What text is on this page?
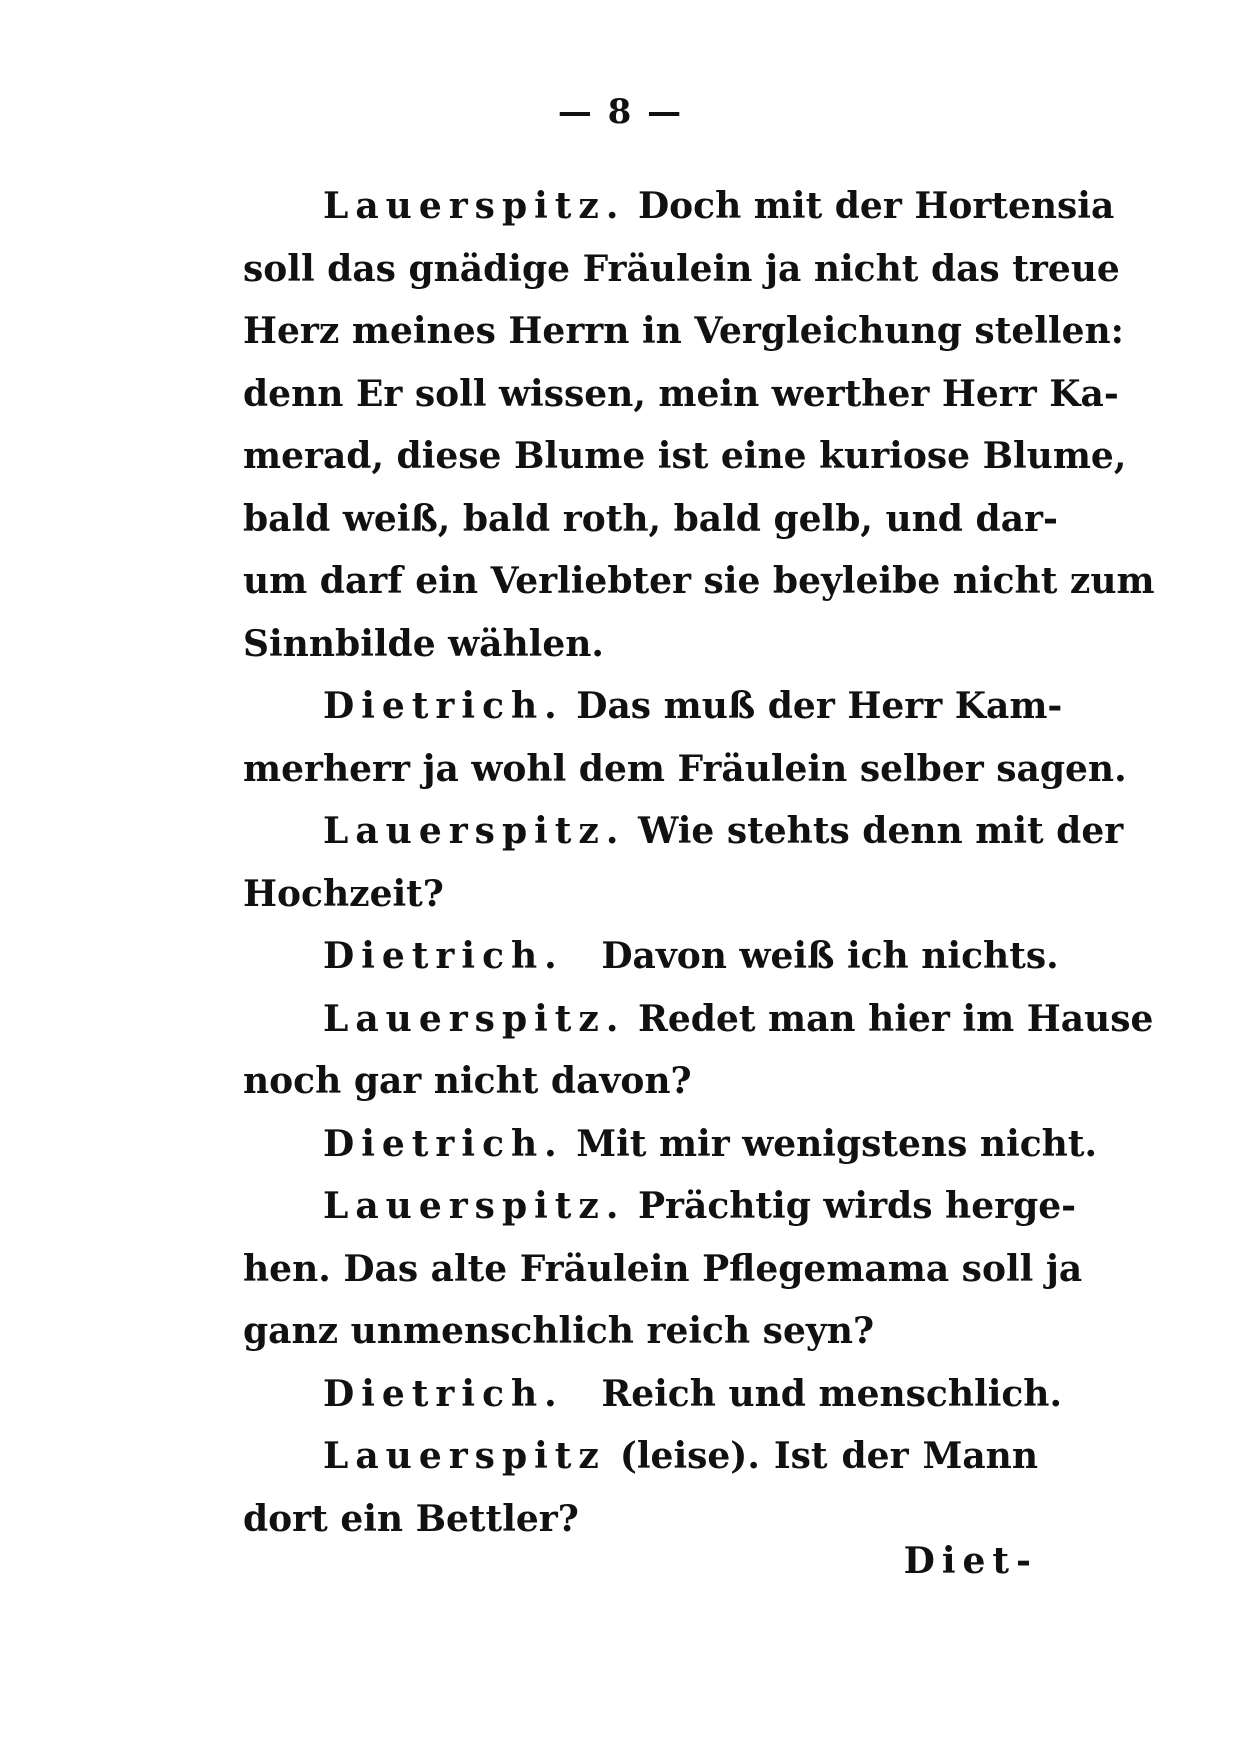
— 8 —
Lauerspitz. Doch mit der Hortensia
soll das gnädige Fräulein ja nicht das treue
Herz meines Herrn in Vergleichung stellen:
denn Er soll wissen, mein werther Herr Ka-
merad, diese Blume ist eine kuriose Blume,
bald weiß, bald roth, bald gelb, und dar-
um darf ein Verliebter sie beyleibe nicht zum
Sinnbilde wählen.
Dietrich. Das muß der Herr Kam-
merherr ja wohl dem Fräulein selber sagen.
Lauerspitz. Wie stehts denn mit der
Hochzeit?
Dietrich. Davon weiß ich nichts.
Lauerspitz. Redet man hier im Hause
noch gar nicht davon?
Dietrich. Mit mir wenigstens nicht.
Lauerspitz. Prächtig wirds herge-
hen. Das alte Fräulein Pflegemama soll ja
ganz unmenschlich reich seyn?
Dietrich. Reich und menschlich.
Lauerspitz (leise). Ist der Mann
dort ein Bettler?
Diet-
